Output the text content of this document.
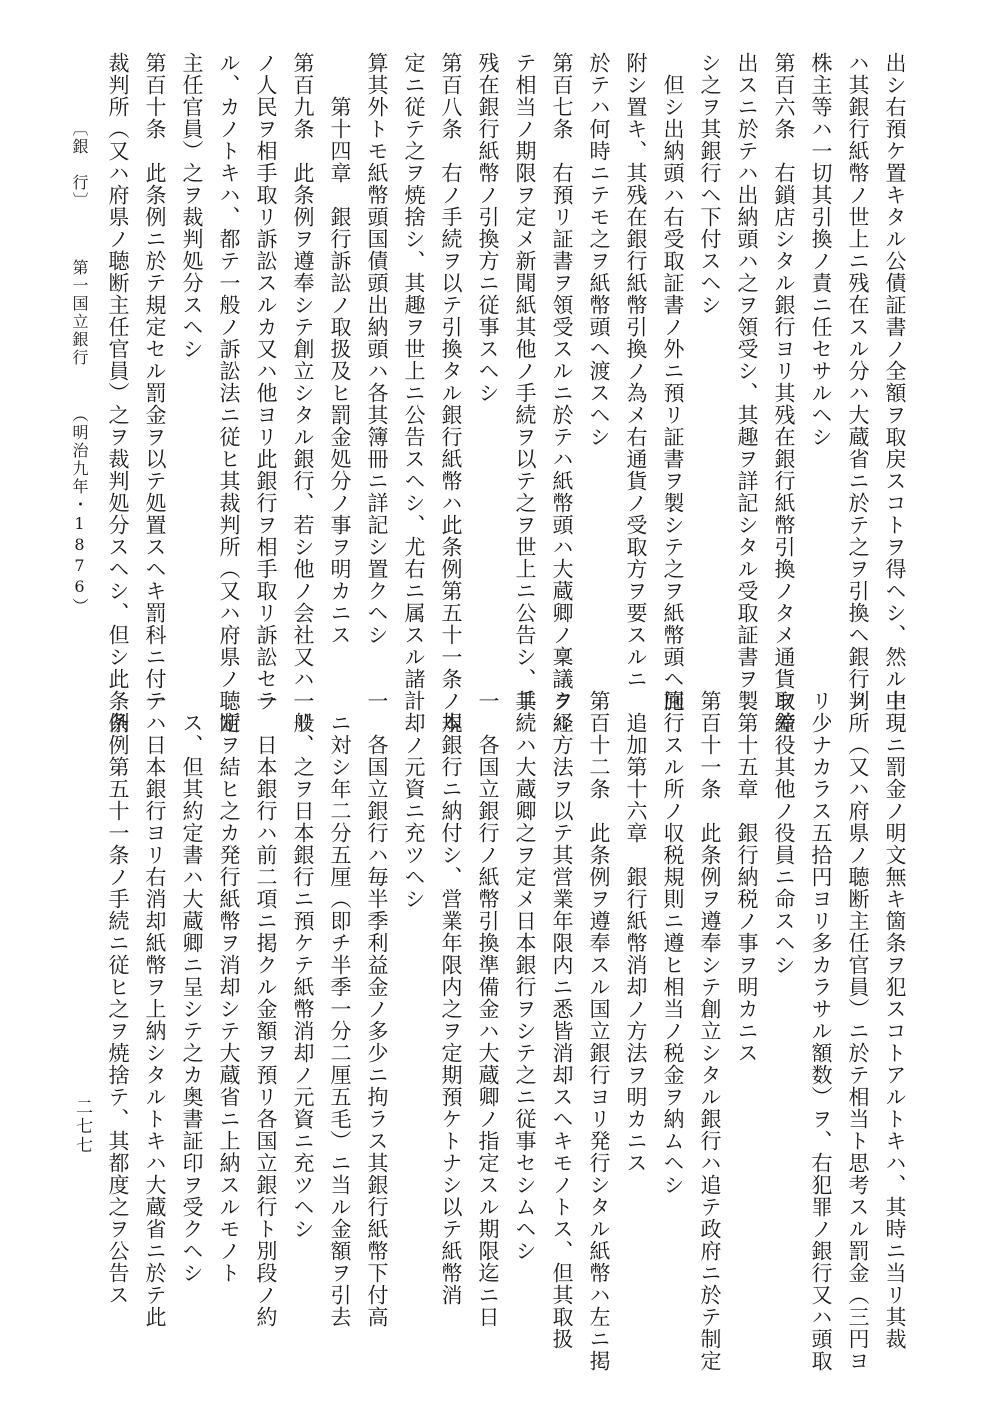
出シ右預ケ置キタル公債証書ノ全額ヲ取戻スコトヲ得ヘシ、然ル上
ハ其銀行紙幣ノ世上ニ残在スル分ハ大蔵省ニ於テ之ヲ引換ヘ銀行ノ
株主等ハ一切其引換ノ責ニ任セサルヘシ
第百六条　右鎖店シタル銀行ヨリ其残在銀行紙幣引換ノタメ通貨ヲ差
出スニ於テハ出納頭ハ之ヲ領受シ、其趣ヲ詳記シタル受取証書ヲ製
シ之ヲ其銀行ヘ下付スヘシ
但シ出納頭ハ右受取証書ノ外ニ預リ証書ヲ製シテ之ヲ紙幣頭ヘ回
附シ置キ、其残在銀行紙幣引換ノ為メ右通貨ノ受取方ヲ要スルニ
於テハ何時ニテモ之ヲ紙幣頭ヘ渡スヘシ
第百七条　右預リ証書ヲ領受スルニ於テハ紙幣頭ハ大蔵卿ノ稟議ヲ経
テ相当ノ期限ヲ定メ新聞紙其他ノ手続ヲ以テ之ヲ世上ニ公告シ、其
残在銀行紙幣ノ引換方ニ従事スヘシ
第百八条　右ノ手続ヲ以テ引換タル銀行紙幣ハ此条例第五十一条ノ規
定ニ従テ之ヲ焼捨シ、其趣ヲ世上ニ公告スヘシ、尤右ニ属スル諸計
算其外トモ紙幣頭国債頭出納頭ハ各其簿冊ニ詳記シ置クヘシ
第十四章　銀行訴訟ノ取扱及ヒ罰金処分ノ事ヲ明カニス
第百九条　此条例ヲ遵奉シテ創立シタル銀行、若シ他ノ会社又ハ一般
ノ人民ヲ相手取リ訴訟スルカ又ハ他ヨリ此銀行ヲ相手取リ訴訟セラ
ル、カノトキハ、都テ一般ノ訴訟法ニ従ヒ其裁判所（又ハ府県ノ聴断
主任官員）之ヲ裁判処分スヘシ
第百十条　此条例ニ於テ規定セル罰金ヲ以テ処置スヘキ罰科ニ付テハ
裁判所（又ハ府県ノ聴断主任官員）之ヲ裁判処分スヘシ、但シ此条例
中現ニ罰金ノ明文無キ箇条ヲ犯スコトアルトキハ、其時ニ当リ其裁
判所（又ハ府県ノ聴断主任官員）ニ於テ相当ト思考スル罰金（三円ヨ
リ少ナカラス五拾円ヨリ多カラサル額数）ヲ、右犯罪ノ銀行又ハ頭取
取締役其他ノ役員ニ命スヘシ
第十五章　銀行納税ノ事ヲ明カニス
第百十一条　此条例ヲ遵奉シテ創立シタル銀行ハ追テ政府ニ於テ制定
施行スル所ノ収税規則ニ遵ヒ相当ノ税金ヲ納ムヘシ
追加第十六章　銀行紙幣消却ノ方法ヲ明カニス
第百十二条　此条例ヲ遵奉スル国立銀行ヨリ発行シタル紙幣ハ左ニ掲
クル方法ヲ以テ其営業年限内ニ悉皆消却スヘキモノトス、但其取扱
手続ハ大蔵卿之ヲ定メ日本銀行ヲシテ之ニ従事セシムヘシ
一　各国立銀行ノ紙幣引換準備金ハ大蔵卿ノ指定スル期限迄ニ日
本銀行ニ納付シ、営業年限内之ヲ定期預ケトナシ以テ紙幣消
却ノ元資ニ充ツヘシ
一　各国立銀行ハ毎半季利益金ノ多少ニ拘ラス其銀行紙幣下付高
ニ対シ年二分五厘（即チ半季一分二厘五毛）ニ当ル金額ヲ引去
リ、之ヲ日本銀行ニ預ケテ紙幣消却ノ元資ニ充ツヘシ
一　日本銀行ハ前二項ニ掲クル金額ヲ預リ各国立銀行ト別段ノ約
定ヲ結ヒ之カ発行紙幣ヲ消却シテ大蔵省ニ上納スルモノト
ス、但其約定書ハ大蔵卿ニ呈シテ之カ奥書証印ヲ受クヘシ
一　日本銀行ヨリ右消却紙幣ヲ上納シタルトキハ大蔵省ニ於テ此
条例第五十一条ノ手続ニ従ヒ之ヲ焼捨テ、其都度之ヲ公告ス
〔銀　行〕 第一国立銀行 （明治九年・1876）
二七七
